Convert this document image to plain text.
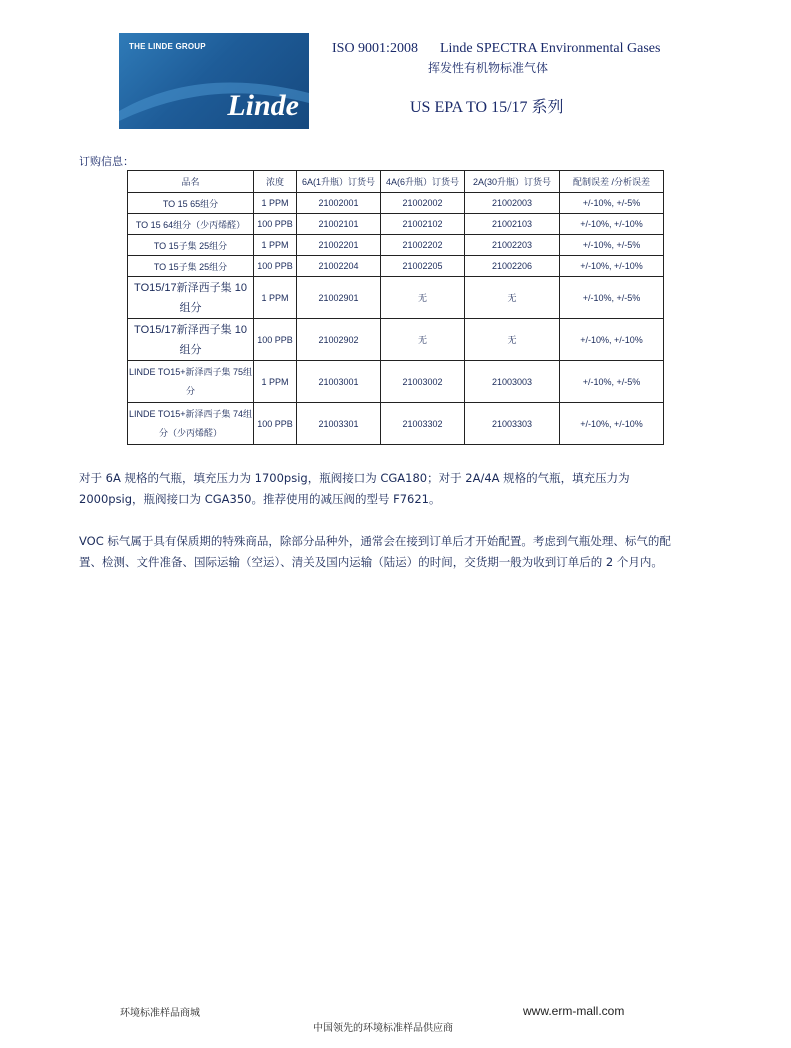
THE LINDE GROUP
Linde
ISO 9001:2008 Linde SPECTRA Environmental Gases
挥发性有机物标准气体
US EPA TO 15/17 系列
订购信息：
品名	浓度	6A(1升瓶）订货号	4A(6升瓶）订货号	2A(30升瓶）订货号	配制误差 /分析误差
TO 15 65组分	1 PPM	21002001	21002002	21002003	+/-10%, +/-5%
TO 15 64组分（少丙烯醛）	100 PPB	21002101	21002102	21002103	+/-10%, +/-10%
TO 15子集 25组分	1 PPM	21002201	21002202	21002203	+/-10%, +/-5%
TO 15子集 25组分	100 PPB	21002204	21002205	21002206	+/-10%, +/-10%
TO15/17新泽西子集 10组分	1 PPM	21002901	无	无	+/-10%, +/-5%
TO15/17新泽西子集 10组分	100 PPB	21002902	无	无	+/-10%, +/-10%
LINDE TO15+新泽西子集 75组分	1 PPM	21003001	21003002	21003003	+/-10%, +/-5%
LINDE TO15+新泽西子集 74组分（少丙烯醛）	100 PPB	21003301	21003302	21003303	+/-10%, +/-10%
对于 6A 规格的气瓶，填充压力为 1700psig，瓶阀接口为 CGA180；对于 2A/4A 规格的气瓶，填充压力为 2000psig，瓶阀接口为 CGA350。推荐使用的减压阀的型号 F7621。
VOC 标气属于具有保质期的特殊商品，除部分品种外，通常会在接到订单后才开始配置。考虑到气瓶处理、标气的配置、检测、文件准备、国际运输（空运）、清关及国内运输（陆运）的时间，交货期一般为收到订单后的 2 个月内。
环境标准样品商城	www.erm-mall.com
中国领先的环境标准样品供应商
